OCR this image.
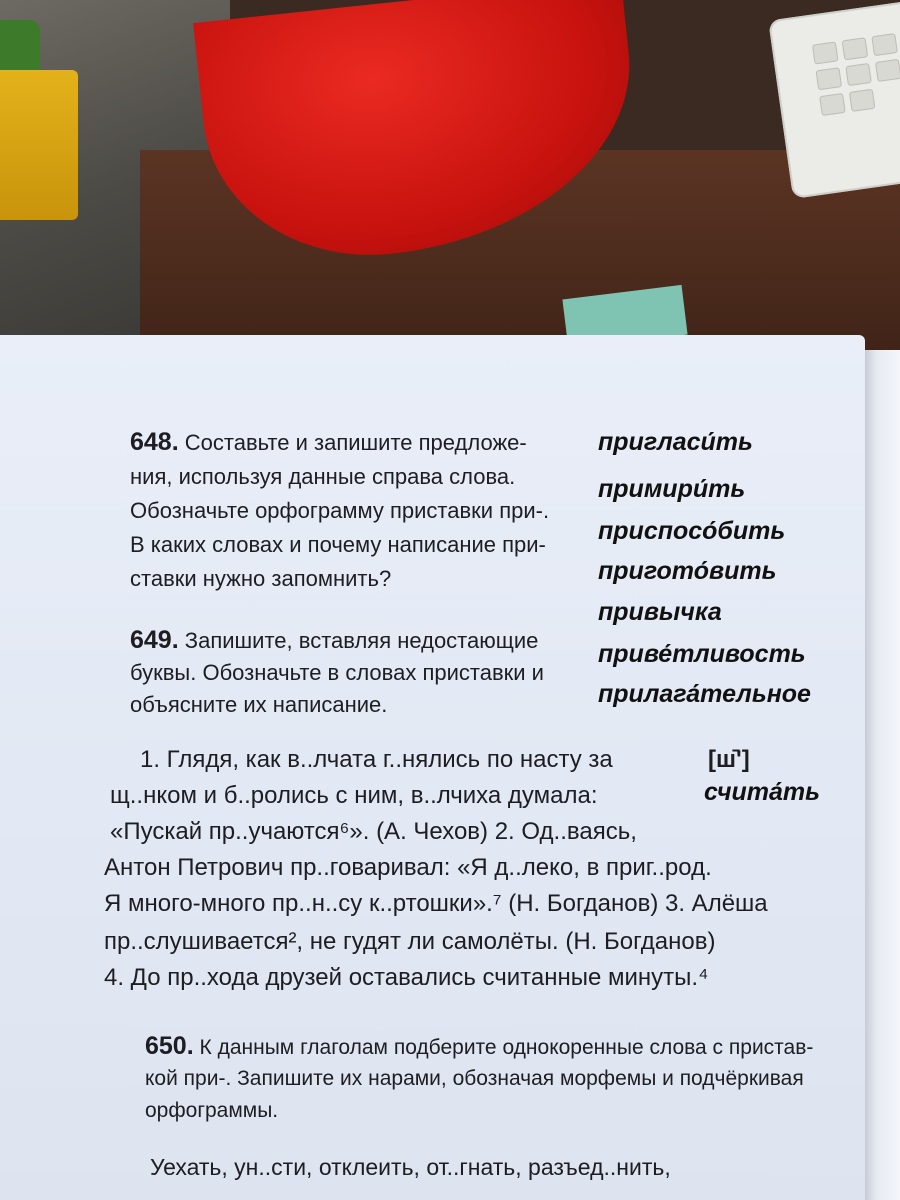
648. Составьте и запишите предложе-
ния, используя данные справа слова.
Обозначьте орфограмму приставки при-.
В каких словах и почему написание при-
ставки нужно запомнить?
пригласи́ть
примири́ть
приспосо́бить
пригото́вить
привычка
приве́тливость
прилага́тельное
649. Запишите, вставляя недостающие
буквы. Обозначьте в словах приставки и
объясните их написание.
[ш̄']
счита́ть
1. Глядя, как в..лчата г..нялись по насту за
щ..нком и б..ролись с ним, в..лчиха думала:
«Пускай пр..учаются⁶». (А. Чехов) 2. Од..ваясь,
Антон Петрович пр..говаривал: «Я д..леко, в приг..род.
Я много-много пр..н..су к..ртошки».⁷ (Н. Богданов) 3. Алёша
пр..слушивается², не гудят ли самолёты. (Н. Богданов)
4. До пр..хода друзей оставались считанные минуты.⁴
650. К данным глаголам подберите однокоренные слова с пристав-
кой при-. Запишите их нарами, обозначая морфемы и подчёркивая
орфограммы.
Уехать, ун..сти, отклеить, от..гнать, разъед..нить,
